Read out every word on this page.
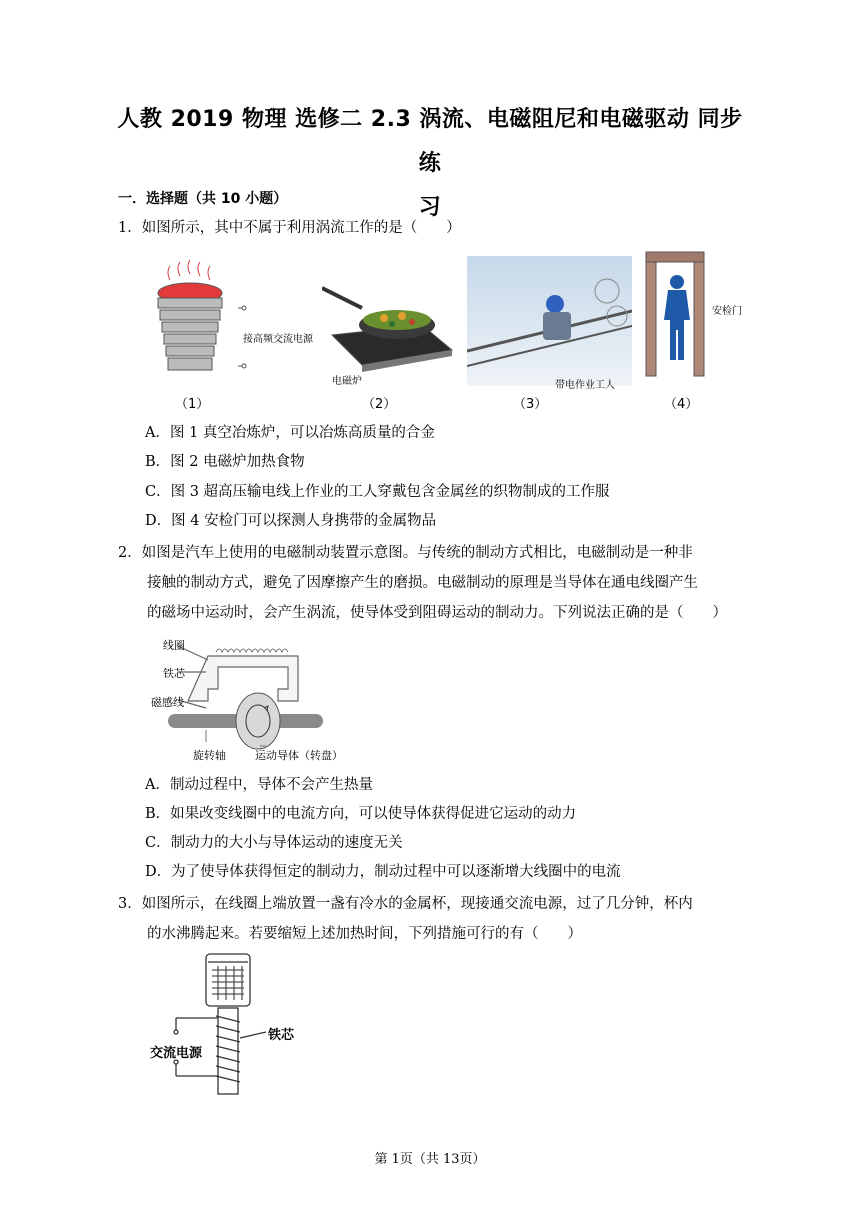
人教 2019 物理 选修二 2.3 涡流、电磁阻尼和电磁驱动 同步练
习
一．选择题（共 10 小题）
1．如图所示，其中不属于利用涡流工作的是（　　）
接高频交流电源
（1）
电磁炉
（2）
带电作业工人
（3）
安检门
（4）
A．图 1 真空冶炼炉，可以冶炼高质量的合金
B．图 2 电磁炉加热食物
C．图 3 超高压输电线上作业的工人穿戴包含金属丝的织物制成的工作服
D．图 4 安检门可以探测人身携带的金属物品
2．如图是汽车上使用的电磁制动装置示意图。与传统的制动方式相比，电磁制动是一种非
接触的制动方式，避免了因摩擦产生的磨损。电磁制动的原理是当导体在通电线圈产生
的磁场中运动时，会产生涡流，使导体受到阻碍运动的制动力。下列说法正确的是（　　）
线圈
铁芯
磁感线
旋转轴	运动导体（转盘）
A．制动过程中，导体不会产生热量
B．如果改变线圈中的电流方向，可以使导体获得促进它运动的动力
C．制动力的大小与导体运动的速度无关
D．为了使导体获得恒定的制动力，制动过程中可以逐渐增大线圈中的电流
3．如图所示，在线圈上端放置一盏有冷水的金属杯，现接通交流电源，过了几分钟，杯内
的水沸腾起来。若要缩短上述加热时间，下列措施可行的有（　　）
交流电源
铁芯
第 1页（共 13页）
